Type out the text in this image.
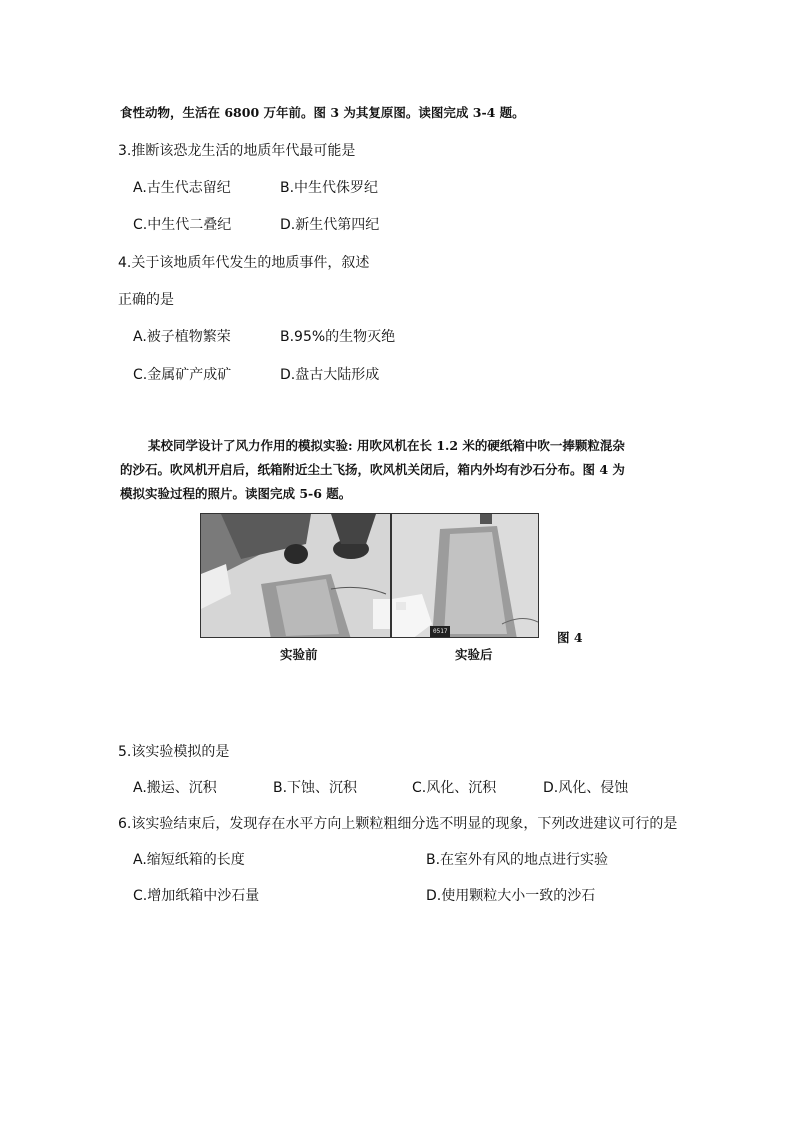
食性动物，生活在 6800 万年前。图 3 为其复原图。读图完成 3-4 题。
3.推断该恐龙生活的地质年代最可能是
A.古生代志留纪	B.中生代侏罗纪
C.中生代二叠纪	D.新生代第四纪
4.关于该地质年代发生的地质事件，叙述
正确的是
A.被子植物繁荣	B.95%的生物灭绝
C.金属矿产成矿	D.盘古大陆形成
某校同学设计了风力作用的模拟实验: 用吹风机在长 1.2 米的硬纸箱中吹一捧颗粒混杂
的沙石。吹风机开启后，纸箱附近尘土飞扬，吹风机关闭后，箱内外均有沙石分布。图 4 为
模拟实验过程的照片。读图完成 5-6 题。
0517	图 4
实验前	实验后
5.该实验模拟的是
A.搬运、沉积	B.下蚀、沉积	C.风化、沉积	D.风化、侵蚀
6.该实验结束后，发现存在水平方向上颗粒粗细分选不明显的现象，下列改进建议可行的是
A.缩短纸箱的长度	B.在室外有风的地点进行实验
C.增加纸箱中沙石量	D.使用颗粒大小一致的沙石
